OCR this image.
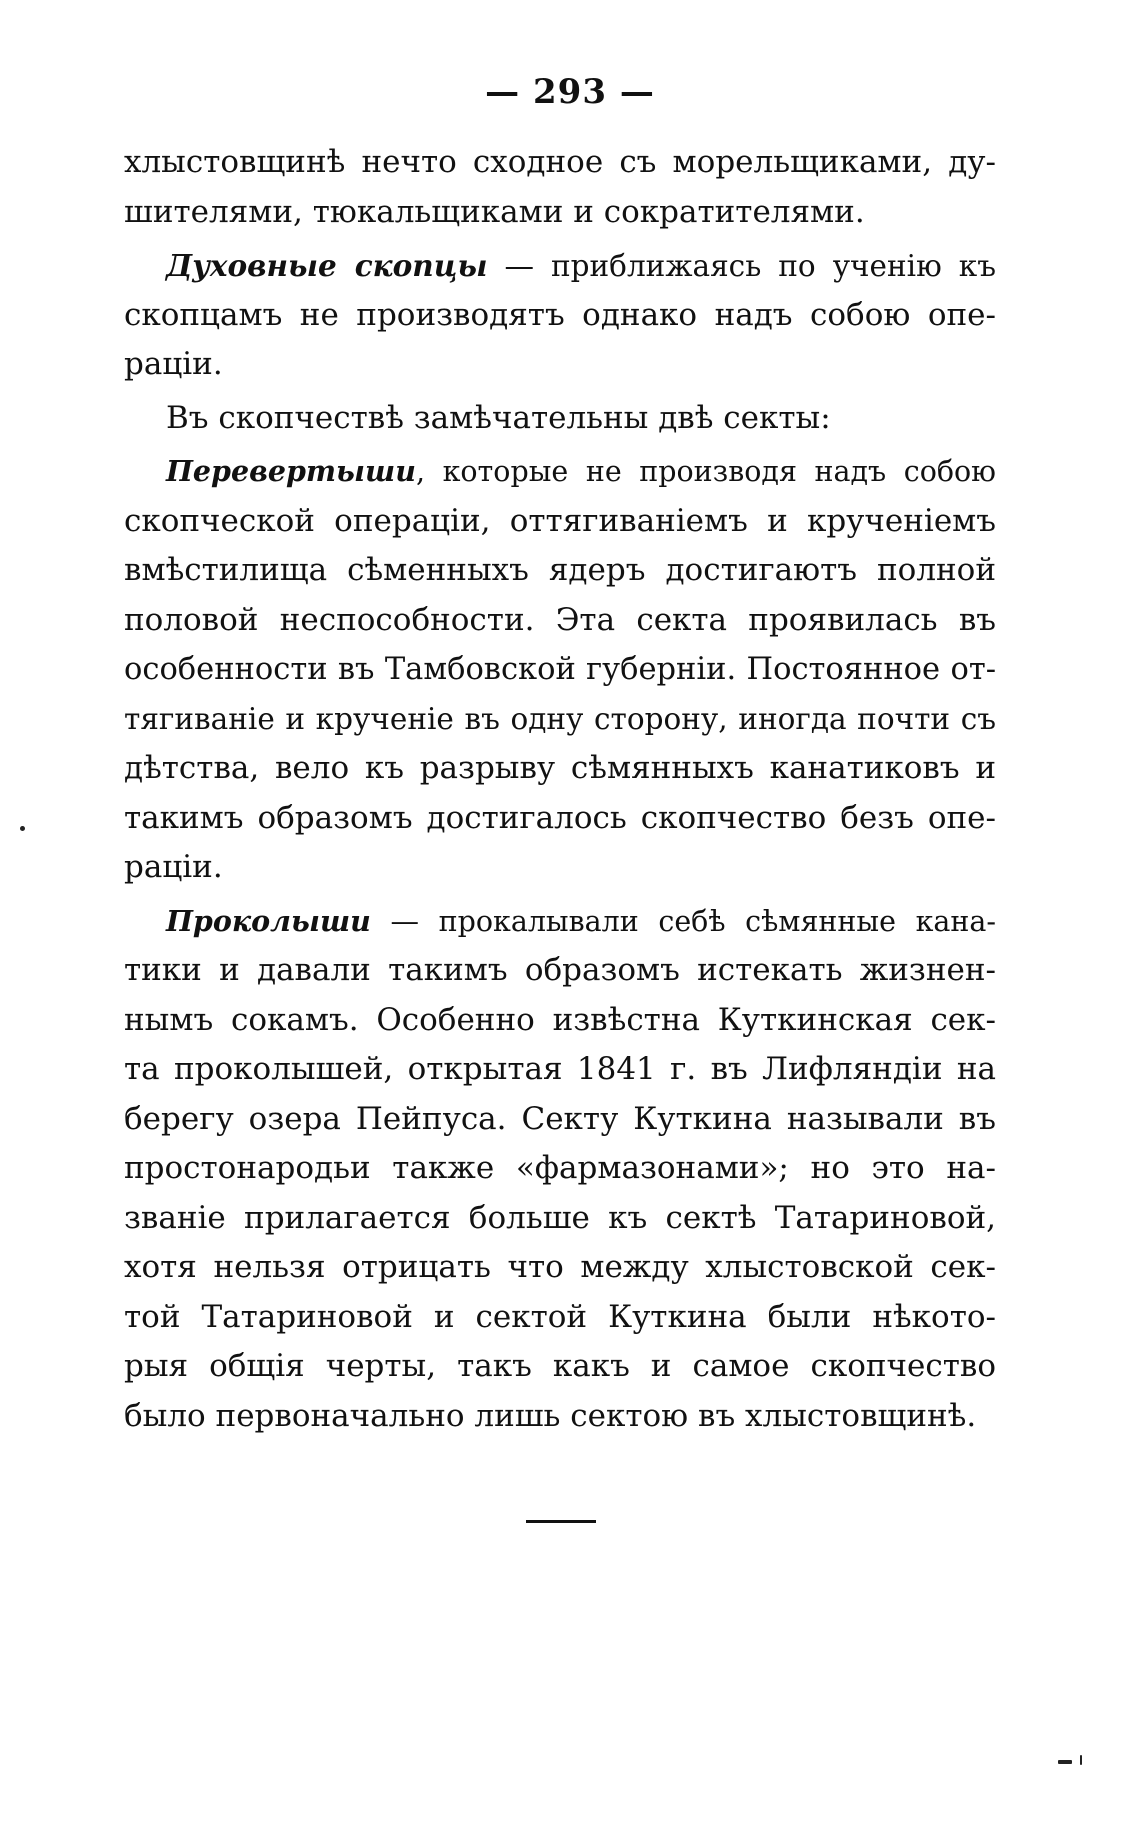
— 293 —
хлыстовщинѣ нечто сходное съ морельщиками, ду-
шителями, тюкальщиками и сократителями.
Духовные скопцы — приближаясь по ученію къ
скопцамъ не производятъ однако надъ собою опе-
раціи.
Въ скопчествѣ замѣчательны двѣ секты:
Перевертыши, которые не производя надъ собою
скопческой операціи, оттягиваніемъ и крученіемъ
вмѣстилища сѣменныхъ ядеръ достигаютъ полной
половой неспособности. Эта секта проявилась въ
особенности въ Тамбовской губерніи. Постоянное от-
тягиваніе и крученіе въ одну сторону, иногда почти съ
дѣтства, вело къ разрыву сѣмянныхъ канатиковъ и
такимъ образомъ достигалось скопчество безъ опе-
раціи.
Проколыши — прокалывали себѣ сѣмянные кана-
тики и давали такимъ образомъ истекать жизнен-
нымъ сокамъ. Особенно извѣстна Куткинская сек-
та проколышей, открытая 1841 г. въ Лифляндіи на
берегу озера Пейпуса. Секту Куткина называли въ
простонародьи также «фармазонами»; но это на-
званіе прилагается больше къ сектѣ Татариновой,
хотя нельзя отрицать что между хлыстовской сек-
той Татариновой и сектой Куткина были нѣкото-
рыя общія черты, такъ какъ и самое скопчество
было первоначально лишь сектою въ хлыстовщинѣ.
